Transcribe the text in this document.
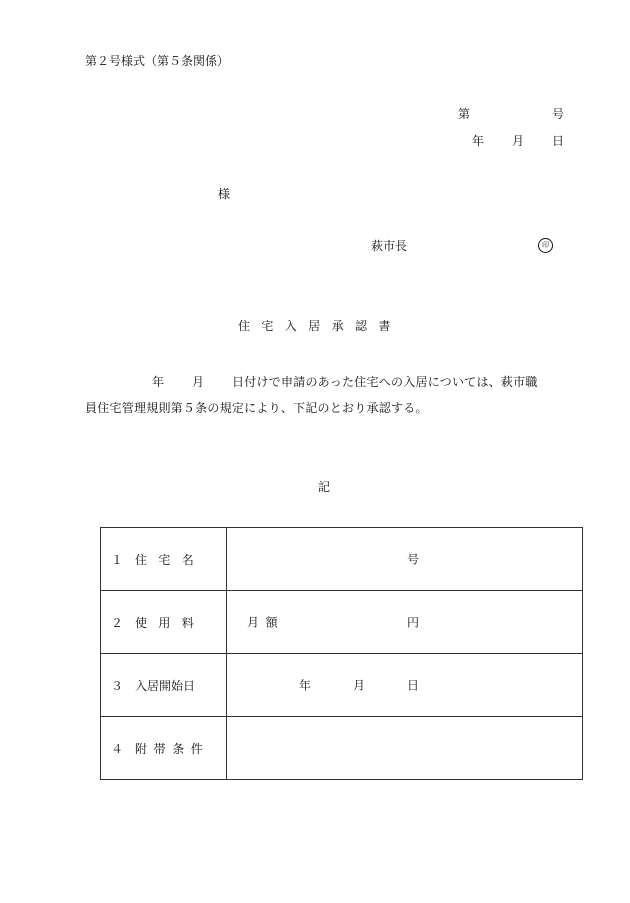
第２号様式（第５条関係）
第	号
年 月 日
様
萩市長	印
住宅入居承認書
年 月 日付けで申請のあった住宅への入居については、萩市職
員住宅管理規則第５条の規定により、下記のとおり承認する。
記
１ 住宅名	号

２ 使用料	月額 円

３ 入居開始日	年 月 日

４ 附帯条件	
